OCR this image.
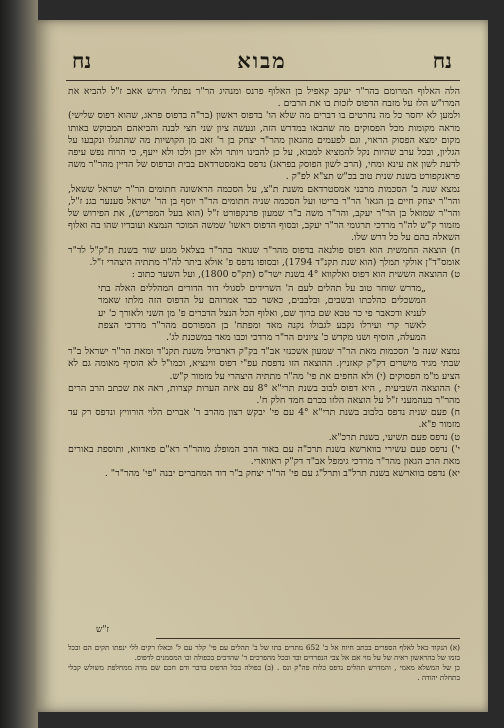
נח
מבוא
נח

הלה האלוף המרומם בהר"ר יעקב קאפיל בן האלוף פרנס ומנהיג הר"ר נפתלי הירש אאב ז"ל להביא את המרו"ש הלז על מזבח הדפוס לזכות בו את הרבים .

ולמען לא יחסר כל מה נחרטים בו דברים מה שלא הו' בדפוס ראשון (בר"ה בדפוס פראג, שהוא דפוס שלישי) מראה מקומות מכל הפסוקים מה שהבאו במדרש הזה, ונעשה ציון שני חצי לבנה והביאהם המבוקש באותו מקום ימצא הפסוק הראוי, וגם לפעמים מהגאון מהר"ר יצחק בן ר' זאב מן הקושיות מה שהתגלו ונקבעו על הגליון, ובכל ערב שהיות נקל להמציא למבוא, על כן להבינו ויותר ולא יוכן ולכו ולא ייעף, כי הרוח נפש עיפה לדעת לשון את עינא ומחי, (הרב לשון הפוסק בפראג) נדפס באמסטרדאם בבית ובדפוס של הדיין מהר"ר משה פראנקפורט בשנת שנית טוב בכ"ש תצ"א לפ"ק .

נמצא שנה ב' הסכמות מרבני אמסטרדאם משנת ת"צ, על הסכמה הראשונה חתומים הר"ר ישראל ששאל, והר"ר יצחק חיים בן הגאו' הר"ר בריטו ועל הסכמה שניה חתומים הר"ר יוסף בן הר' ישראל סענער בגנ ז"ל, והר"ר שמואל בן הר"ר יעקב, והר"ר משה ב"ר שמעון פרנקפורט ז"ל (הוא בעל המפריש), את הפירוש של מזמור ק"ש לה"ר מרדכי תרגומי הר"ר יעקב, ובסוף הדפוס ראשו' שמשה המוכר הנמצא ועובדיו שהו בה ואלוף השאלה בהם על כל דרש שלו.

ח) הוצאה החמשית הוא דפוס פולנאה בדפוס מהר"ר שנואר בהר"ר בצלאל מגזע שור בשנת ת"ק"ל לד"ר אומס"ד"ן אולקי תמלך (הוא שנת תקנ"ד 1794), ובסופו נדפס פ' אולא ביתר לה"ר מתתיה היצהרי ז"ל.

ט) ההוצאה הששית הוא דפוס ואלקווא 4° בשנת ישר"ס (תק"ס 1800), ועל השער כתוב :

„מדרש שוחר טוב על תהלים לעם ה' השרידים לסגולי דור הדורים המהללים האלה בתי המשכלים כהלכתו ובשבים, ובלבבים, כאשר כבר אמרוהם על הדפוס הזה מלתו שאמר לעניא ודכאבר פי כר טבא שם ברוך שם, ואלוף הכל הנצל הדברים פ' מן השני ולאורך כ' יע לאשר קרי ועירלו נקבע לגבולו נקנה מאד ומפתח' בן המפורסם מהר"ר מרדכי הצפת המעלה, הוסיף ושנו מקדש כ' ציונים הר"ר מרדכי וכבו מאד במשכנת לג'.

נמצא שנה ב' הסכמות מאת הר"ר שמעון אשכנזי אב"ד בק"ק דארבויל משנת תקנ"ד ומאת הר"ר ישראל ב"ר שבתי מגיד מישרים דק"ק קאזניץ. ההוצאה הזו נדפסת עפ"י דפוס ווינציא, וכמו"ל לא הוסיף מאומה גם לא הציע מ"מ הפסוקים (י) ולא החפים את פי' מה"ר מתתיה היצהרי על מזמור ק"ש.

י) ההוצאה השביעית , היא דפוס לבוב בשנת תרי"א 8° עם איזה הערות קצרות, ראה את שכתב הרב הרים מהר"ר בעהמעני ז"ל על הוצאה הלזו בכרם חמד חלק ח'.

ח) פעם שנית נדפס בלבוב בשנת תרי"א 4° עם פי' יבקש רצון מהרב ר' אברים הלוי הורוויץ ונדפס רק עד מזמור פ"א.

ט) נדפס פעם תשיעי, בשנת תרכ"א.

י') נדפס פעם עשירי בווארשא בשנת תרכ"ה עם באור הרב המופלג מוהר"ר רא"ם פאדווא, ותוספת באורים מאת הרב הגאון מהר"ר מרדכי גימפל אב"ד דק"ק ראווארי.

יא) נדפס בווארשא בשנת תרל"ב ותרל"ג עם פי' הר"ר יצחק ב"ר דוד המחברים יבנה "פי' מהר"ר" .

ז"ש

(א) הנקוד כאל לאלף הספרים בכתב חיוח אל ב' 652 מתדים בתו של ב' תהלים עם פי' קלר עם ל' וכאלו רקים ללי ינפתו תקים הם ובכל בזמו של בהראשון ראיה של על מוי אם אל צבי הנפרדים ובד ובכל מהפרכים ד' שהדכים בכפולה ובו המסמנים לדפוס.

כן של המשלא מאמי , והמדרש תהלים נדפס כלוח פה"ק ונס . (ב) כפולה בכל הדפוס בדבר ודם חכם שם מדה ממחלפת משולש קבלי בתחלת יהודה .
